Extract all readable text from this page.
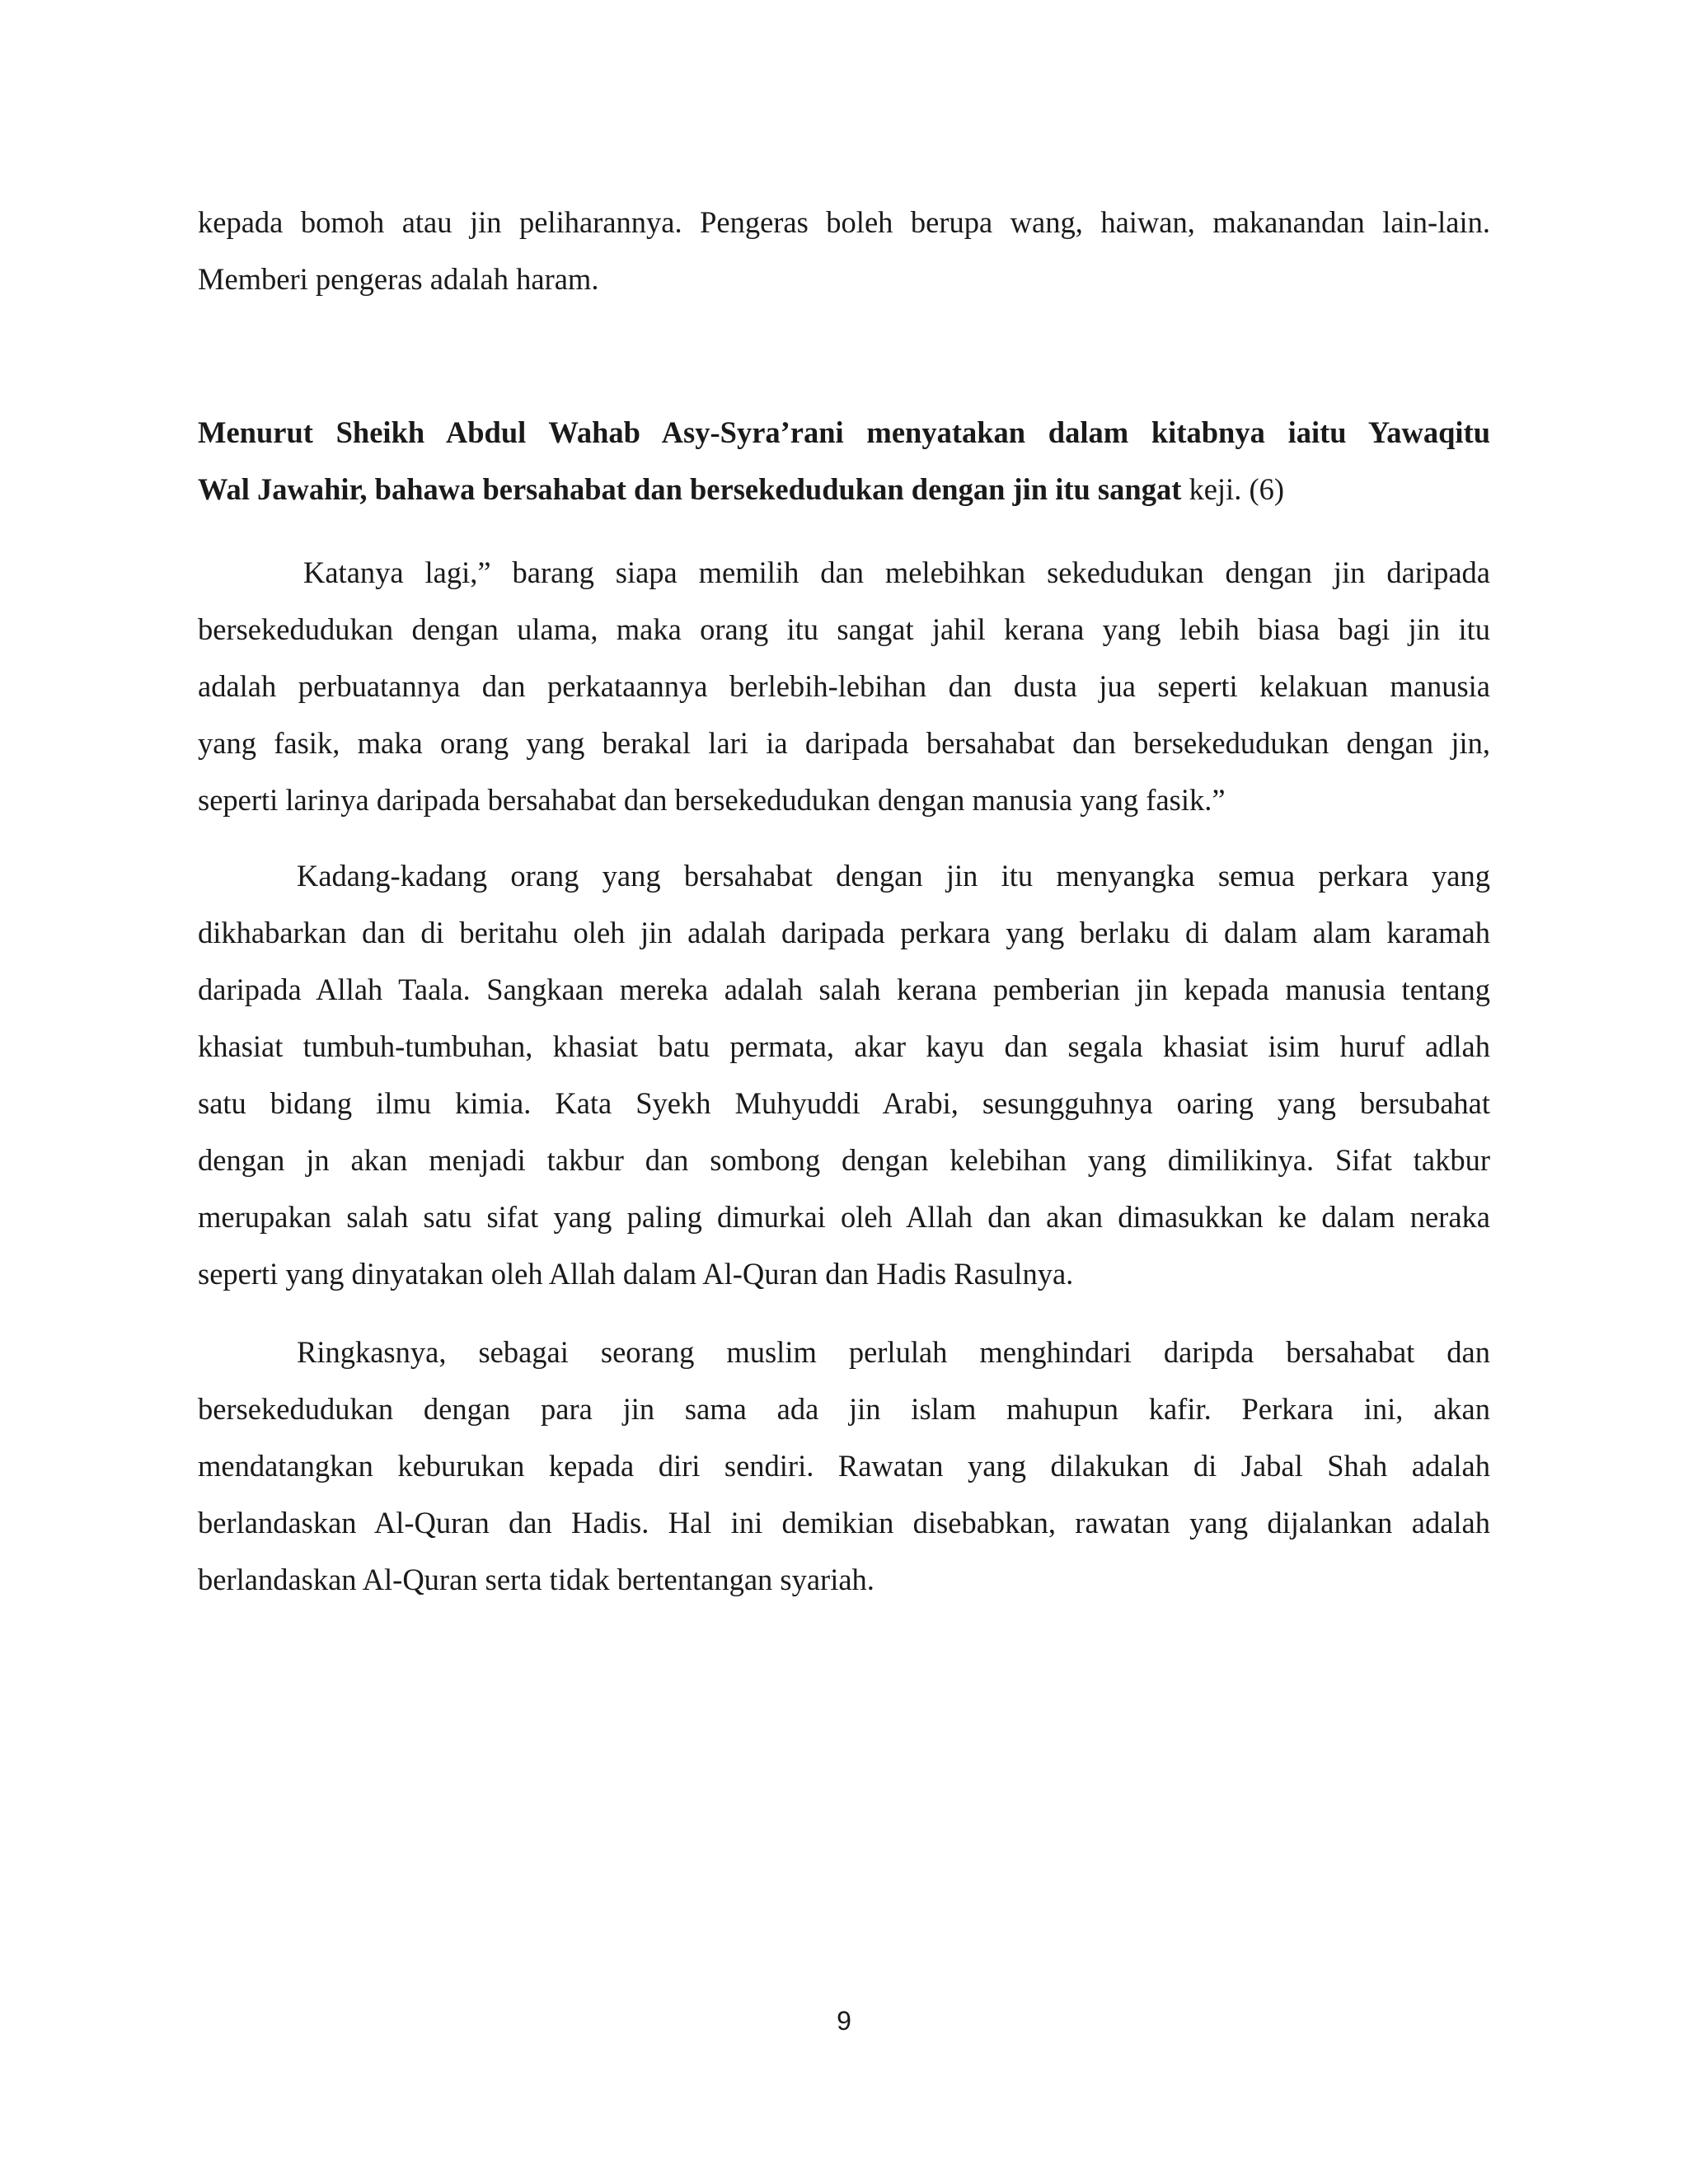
kepada bomoh atau jin peliharannya. Pengeras boleh berupa wang, haiwan, makanandan lain-lain.
Memberi pengeras adalah haram.

Menurut Sheikh Abdul Wahab Asy-Syra’rani menyatakan dalam kitabnya iaitu Yawaqitu
Wal Jawahir, bahawa bersahabat dan bersekedudukan dengan jin itu sangat keji. (6)

Katanya lagi,” barang siapa memilih dan melebihkan sekedudukan dengan jin daripada
bersekedudukan dengan ulama, maka orang itu sangat jahil kerana yang lebih biasa bagi jin itu
adalah perbuatannya dan perkataannya berlebih-lebihan dan dusta jua seperti kelakuan manusia
yang fasik, maka orang yang berakal lari ia daripada bersahabat dan bersekedudukan dengan jin,
seperti larinya daripada bersahabat dan bersekedudukan dengan manusia yang fasik.”

Kadang-kadang orang yang bersahabat dengan jin itu menyangka semua perkara yang
dikhabarkan dan di beritahu oleh jin adalah daripada perkara yang berlaku di dalam alam karamah
daripada Allah Taala. Sangkaan mereka adalah salah kerana pemberian jin kepada manusia tentang
khasiat tumbuh-tumbuhan, khasiat batu permata, akar kayu dan segala khasiat isim huruf adlah
satu bidang ilmu kimia. Kata Syekh Muhyuddi Arabi, sesungguhnya oaring yang bersubahat
dengan jn akan menjadi takbur dan sombong dengan kelebihan yang dimilikinya. Sifat takbur
merupakan salah satu sifat yang paling dimurkai oleh Allah dan akan dimasukkan ke dalam neraka
seperti yang dinyatakan oleh Allah dalam Al-Quran dan Hadis Rasulnya.

Ringkasnya, sebagai seorang muslim perlulah menghindari daripda bersahabat dan
bersekedudukan dengan para jin sama ada jin islam mahupun kafir. Perkara ini, akan
mendatangkan keburukan kepada diri sendiri. Rawatan yang dilakukan di Jabal Shah adalah
berlandaskan Al-Quran dan Hadis. Hal ini demikian disebabkan, rawatan yang dijalankan adalah
berlandaskan Al-Quran serta tidak bertentangan syariah.

9
